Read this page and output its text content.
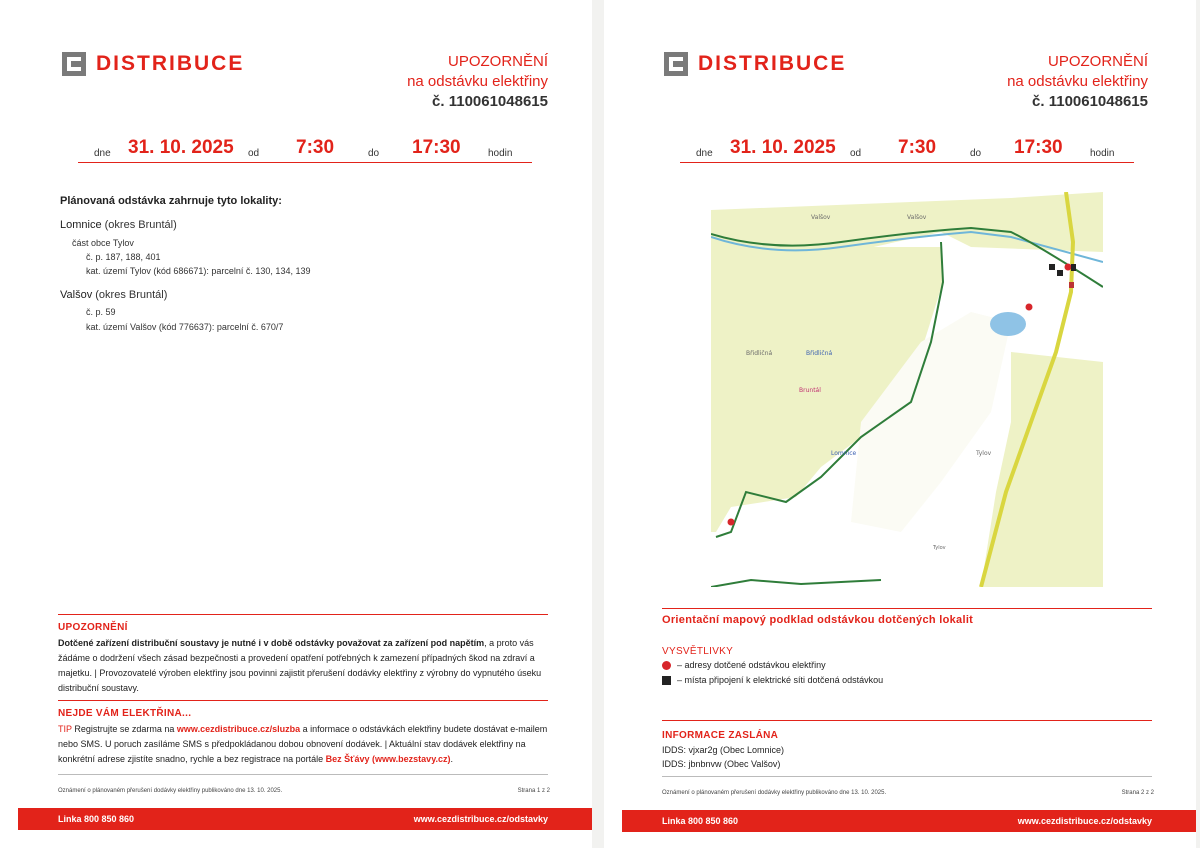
DISTRIBUCE	UPOZORNĚNÍ
na odstávku elektřiny
č. 110061048615
dne 31. 10. 2025 od 7:30	do 17:30	hodin
Plánovaná odstávka zahrnuje tyto lokality:
Lomnice (okres Bruntál)
část obce Tylov
č. p. 187, 188, 401
kat. území Tylov (kód 686671): parcelní č. 130, 134, 139
Valšov (okres Bruntál)
č. p. 59
kat. území Valšov (kód 776637): parcelní č. 670/7
UPOZORNĚNÍ
Dotčené zařízení distribuční soustavy je nutné i v době odstávky považovat za zařízení pod napětím, a proto vás žádáme o dodržení všech zásad bezpečnosti a provedení opatření potřebných k zamezení případných škod na zdraví a majetku. | Provozovatelé výroben elektřiny jsou povinni zajistit přerušení dodávky elektřiny z výrobny do vypnutého úseku distribuční soustavy.
NEJDE VÁM ELEKTŘINA...
TIP Registrujte se zdarma na www.cezdistribuce.cz/sluzba a informace o odstávkách elektřiny budete dostávat e-mailem nebo SMS. U poruch zasíláme SMS s předpokládanou dobou obnovení dodávek. | Aktuální stav dodávek elektřiny na konkrétní adrese zjistíte snadno, rychle a bez registrace na portále Bez Šťávy (www.bezstavy.cz).
Oznámení o plánovaném přerušení dodávky elektřiny publikováno dne 13. 10. 2025.	Strana 1 z 2
Linka 800 850 860	www.cezdistribuce.cz/odstavky
DISTRIBUCE	UPOZORNĚNÍ
na odstávku elektřiny
č. 110061048615
dne 31. 10. 2025 od 7:30	do 17:30	hodin
Valšov	Valšov
Břidličná	Břidličná
Bruntál
Lomnice	Tylov
Tylov
Orientační mapový podklad odstávkou dotčených lokalit
VYSVĚTLIVKY
– adresy dotčené odstávkou elektřiny
– místa připojení k elektrické síti dotčená odstávkou
INFORMACE ZASLÁNA
IDDS: vjxar2g (Obec Lomnice)
IDDS: jbnbnvw (Obec Valšov)
Oznámení o plánovaném přerušení dodávky elektřiny publikováno dne 13. 10. 2025.	Strana 2 z 2
Linka 800 850 860	www.cezdistribuce.cz/odstavky
